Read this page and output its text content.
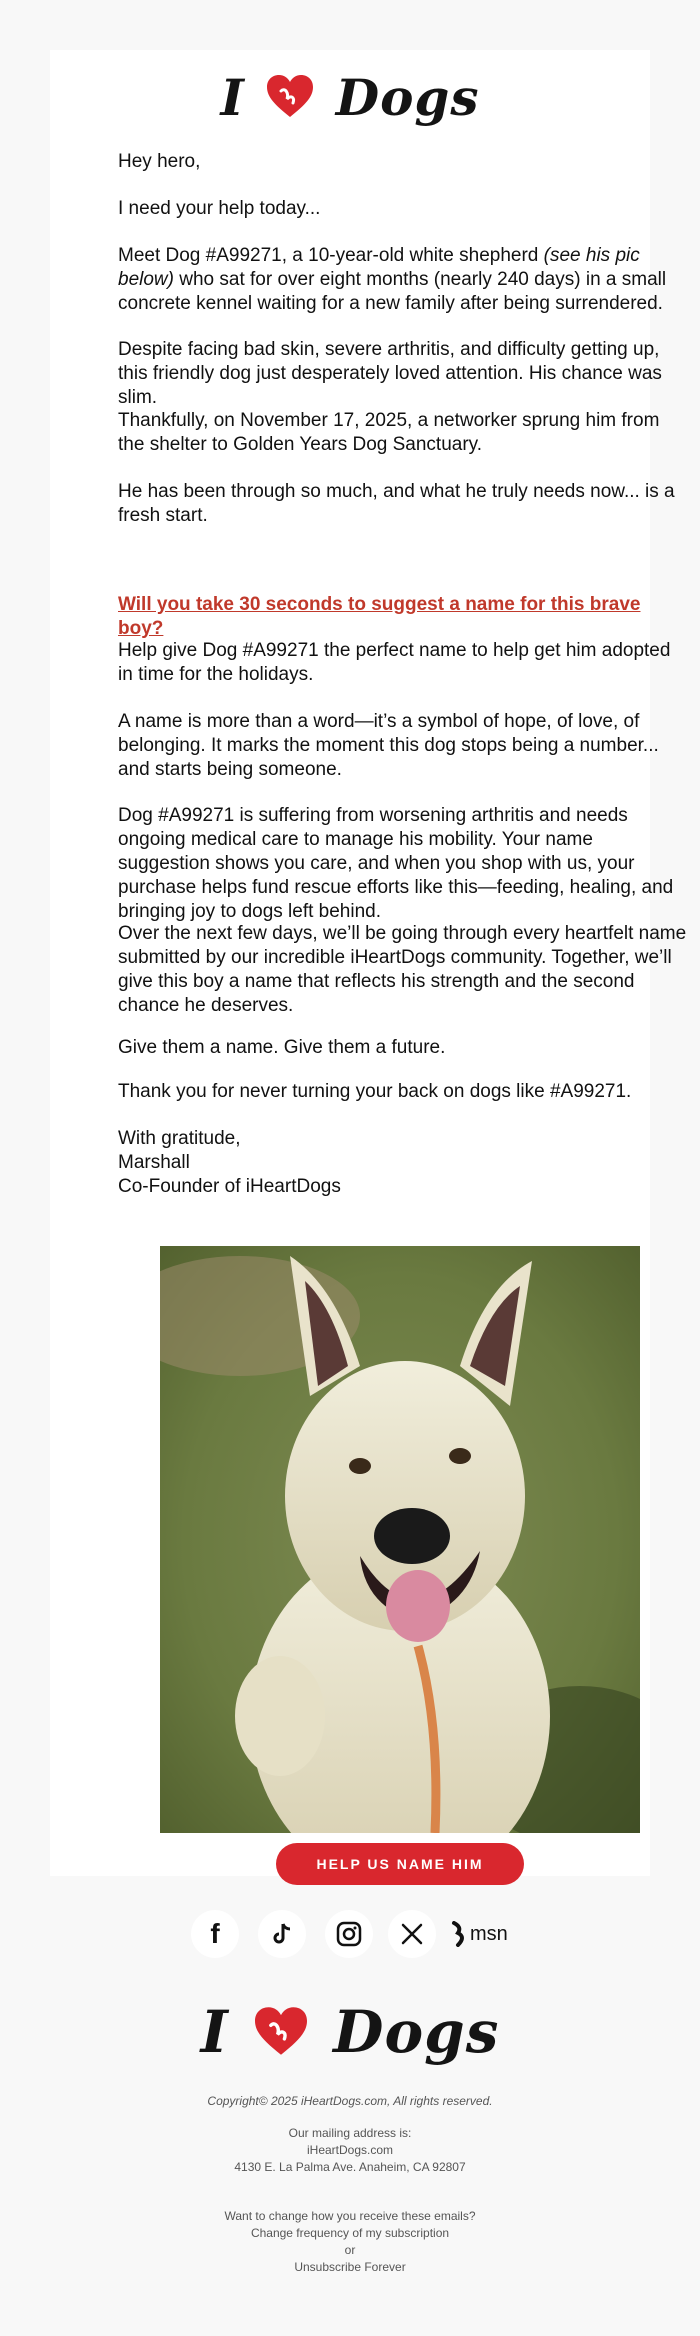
I Dogs
Hey hero,
I need your help today...
Meet Dog #A99271, a 10-year-old white shepherd (see his pic below) who sat for over eight months (nearly 240 days) in a small concrete kennel waiting for a new family after being surrendered.
Despite facing bad skin, severe arthritis, and difficulty getting up, this friendly dog just desperately loved attention. His chance was slim.
Thankfully, on November 17, 2025, a networker sprung him from the shelter to Golden Years Dog Sanctuary.
He has been through so much, and what he truly needs now... is a fresh start.
Will you take 30 seconds to suggest a name for this brave boy?
Help give Dog #A99271 the perfect name to help get him adopted in time for the holidays.
A name is more than a word—it’s a symbol of hope, of love, of belonging. It marks the moment this dog stops being a number... and starts being someone.
Dog #A99271 is suffering from worsening arthritis and needs ongoing medical care to manage his mobility. Your name suggestion shows you care, and when you shop with us, your purchase helps fund rescue efforts like this—feeding, healing, and bringing joy to dogs left behind.
Over the next few days, we’ll be going through every heartfelt name submitted by our incredible iHeartDogs community. Together, we’ll give this boy a name that reflects his strength and the second chance he deserves.
Give them a name. Give them a future.
Thank you for never turning your back on dogs like #A99271.
With gratitude,
Marshall
Co-Founder of iHeartDogs
HELP US NAME HIM
f	msn
I Dogs
Copyright© 2025 iHeartDogs.com, All rights reserved.
Our mailing address is:
iHeartDogs.com
4130 E. La Palma Ave. Anaheim, CA 92807
Want to change how you receive these emails?
Change frequency of my subscription
or
Unsubscribe Forever
